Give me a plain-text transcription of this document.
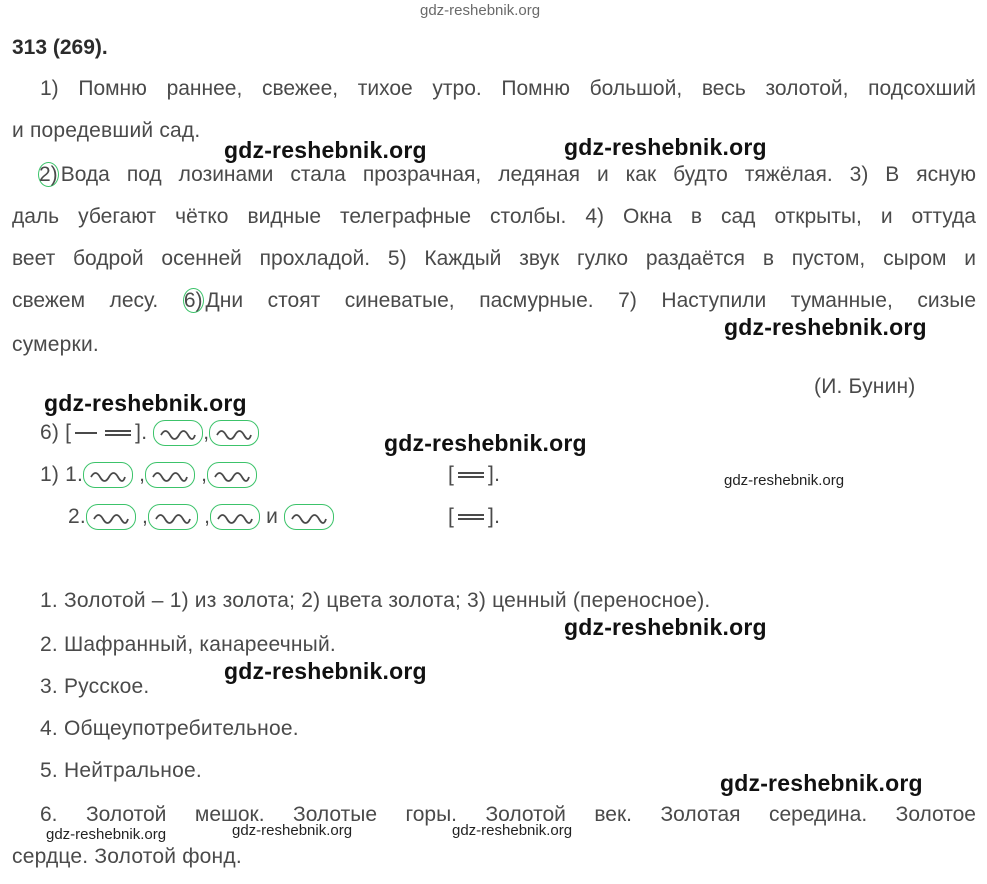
gdz-reshebnik.org
313 (269).
1) Помню раннее, свежее, тихое утро. Помню большой, весь золотой, подсохший
и поредевший сад.
2) Вода под лозинами стала прозрачная, ледяная и как будто тяжёлая. 3) В ясную
даль убегают чётко видные телеграфные столбы. 4) Окна в сад открыты, и оттуда
веет бодрой осенней прохладой. 5) Каждый звук гулко раздаётся в пустом, сыром и
свежем лесу. 6) Дни стоят синеватые, пасмурные. 7) Наступили туманные, сизые
сумерки.
(И. Бунин)
6) [	].	,
1) 1.	,	,	[ ].
2.	,	,	и	[ ].
1. Золотой – 1) из золота; 2) цвета золота; 3) ценный (переносное).
2. Шафранный, канареечный.
3. Русское.
4. Общеупотребительное.
5. Нейтральное.
6. Золотой мешок. Золотые горы. Золотой век. Золотая середина. Золотое
сердце. Золотой фонд.
gdz-reshebnik.org	gdz-reshebnik.org
gdz-reshebnik.org
gdz-reshebnik.org
gdz-reshebnik.org
gdz-reshebnik.org
gdz-reshebnik.org
gdz-reshebnik.org
gdz-reshebnik.org
gdz-reshebnik.org	gdz-reshebnik.org	gdz-reshebnik.org
